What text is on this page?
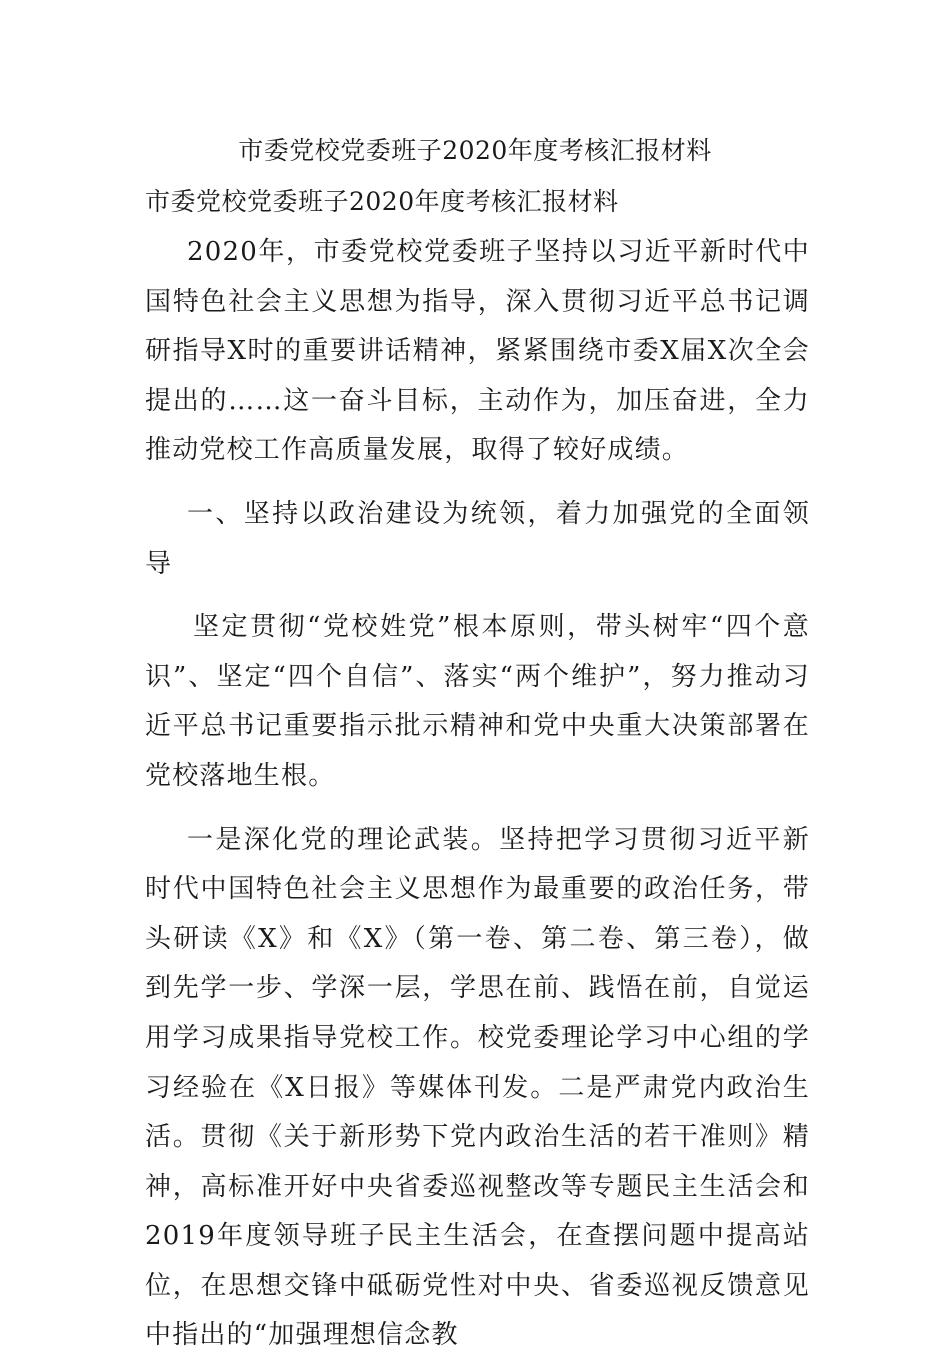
市委党校党委班子2020年度考核汇报材料
市委党校党委班子2020年度考核汇报材料

2020年，市委党校党委班子坚持以习近平新时代中国特色社会主义思想为指导，深入贯彻习近平总书记调研指导X时的重要讲话精神，紧紧围绕市委X届X次全会提出的……这一奋斗目标，主动作为，加压奋进，全力推动党校工作高质量发展，取得了较好成绩。

一、坚持以政治建设为统领，着力加强党的全面领导

坚定贯彻“党校姓党”根本原则，带头树牢“四个意识”、坚定“四个自信”、落实“两个维护”，努力推动习近平总书记重要指示批示精神和党中央重大决策部署在党校落地生根。

一是深化党的理论武装。坚持把学习贯彻习近平新时代中国特色社会主义思想作为最重要的政治任务，带头研读《X》和《X》（第一卷、第二卷、第三卷），做到先学一步、学深一层，学思在前、践悟在前，自觉运用学习成果指导党校工作。校党委理论学习中心组的学习经验在《X日报》等媒体刊发。二是严肃党内政治生活。贯彻《关于新形势下党内政治生活的若干准则》精神，高标准开好中央省委巡视整改等专题民主生活会和2019年度领导班子民主生活会，在查摆问题中提高站位，在思想交锋中砥砺党性对中央、省委巡视反馈意见中指出的“加强理想信念教
